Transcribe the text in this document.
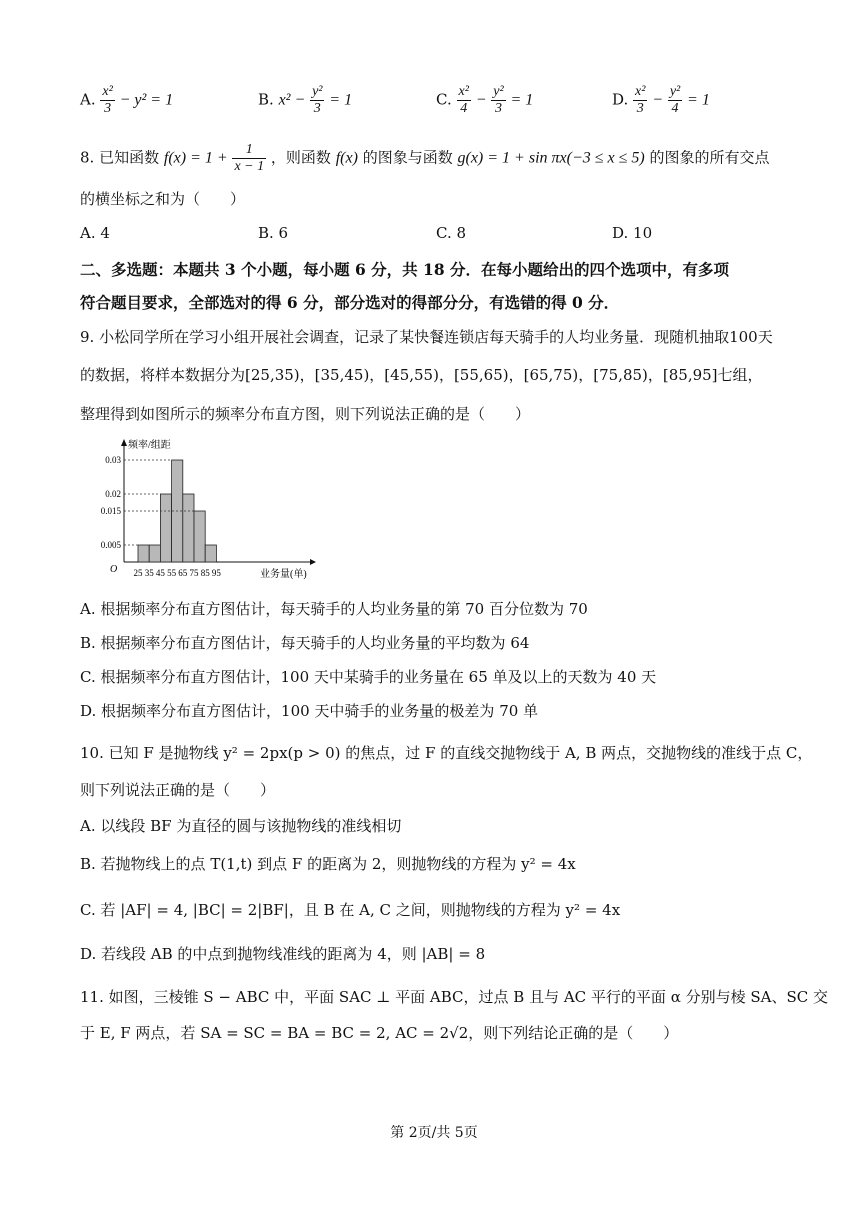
A. $\frac{\text{x²}}{3} - y^2 = 1$	B. $x^2 - \frac{\text{y²}}{3} = 1$	C. $\frac{\text{x²}}{4} - \frac{\text{y²}}{3} = 1$	D. $\frac{\text{x²}}{3} - \frac{\text{y²}}{4} = 1$
8. 已知函数 $f(x) = 1 + \frac{1}{x - 1}$ ，则函数 f(x) 的图象与函数 g(x) = 1 + sin πx(−3 ≤ x ≤ 5) 的图象的所有交点
的横坐标之和为（　　）
A. 4	B. 6	C. 8	D. 10
二、多选题：本题共 3 个小题，每小题 6 分，共 18 分．在每小题给出的四个选项中，有多项
符合题目要求，全部选对的得 6 分，部分选对的得部分分，有选错的得 0 分．
9. 小松同学所在学习小组开展社会调查，记录了某快餐连锁店每天骑手的人均业务量．现随机抽取100天
的数据，将样本数据分为[25,35)，[35,45)，[45,55)，[55,65)，[65,75)，[75,85)，[85,95]七组，
整理得到如图所示的频率分布直方图，则下列说法正确的是（　　）
频率/组距
O	业务量(单)
0.005
0.015
0.02
0.03
25 35 45 55 65 75 85 95
A. 根据频率分布直方图估计，每天骑手的人均业务量的第 70 百分位数为 70
B. 根据频率分布直方图估计，每天骑手的人均业务量的平均数为 64
C. 根据频率分布直方图估计，100 天中某骑手的业务量在 65 单及以上的天数为 40 天
D. 根据频率分布直方图估计，100 天中骑手的业务量的极差为 70 单
10. 已知 F 是抛物线 y² = 2px(p > 0) 的焦点，过 F 的直线交抛物线于 A, B 两点，交抛物线的准线于点 C，
则下列说法正确的是（　　）
A. 以线段 BF 为直径的圆与该抛物线的准线相切
B. 若抛物线上的点 T(1,t) 到点 F 的距离为 2，则抛物线的方程为 y² = 4x
C. 若 |AF| = 4, |BC| = 2|BF|，且 B 在 A, C 之间，则抛物线的方程为 y² = 4x
D. 若线段 AB 的中点到抛物线准线的距离为 4，则 |AB| = 8
11. 如图，三棱锥 S − ABC 中，平面 SAC ⊥ 平面 ABC，过点 B 且与 AC 平行的平面 α 分别与棱 SA、SC 交
于 E, F 两点，若 SA = SC = BA = BC = 2, AC = 2√2，则下列结论正确的是（　　）
第 2页/共 5页
